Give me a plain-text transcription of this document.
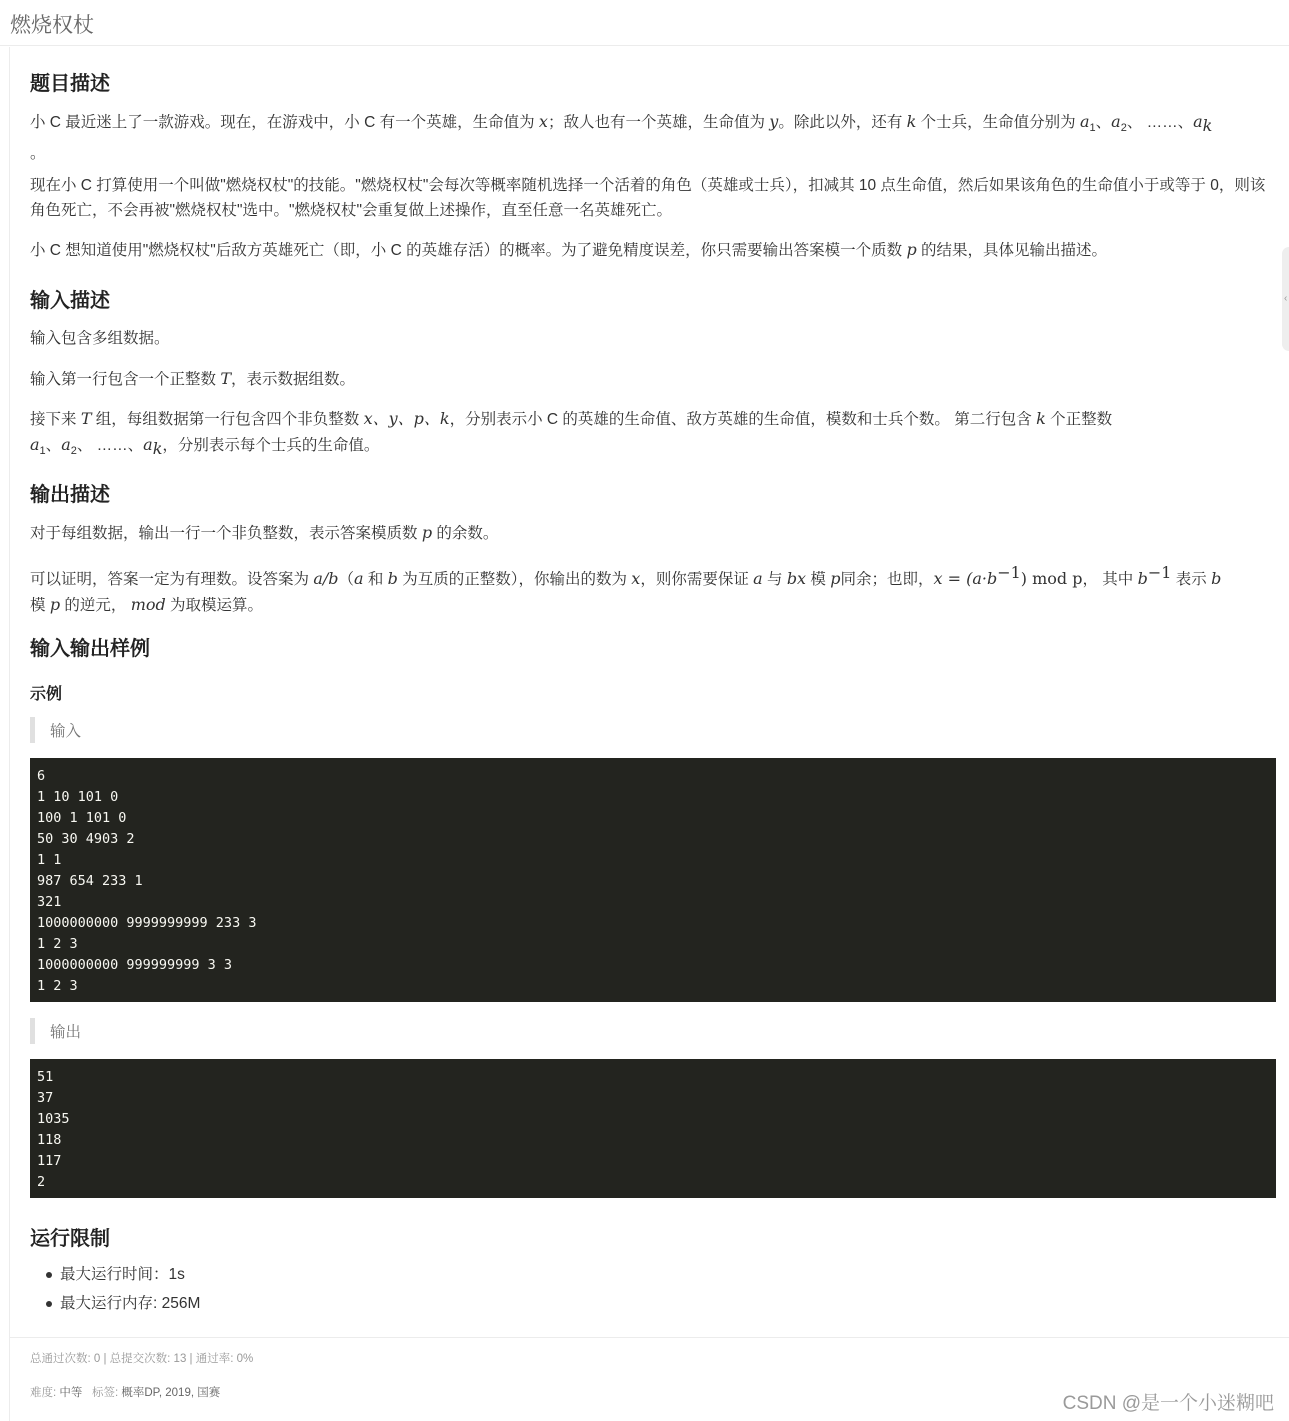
燃烧权杖
‹
题目描述
小 C 最近迷上了一款游戏。现在，在游戏中，小 C 有一个英雄，生命值为 x；敌人也有一个英雄，生命值为 y。除此以外，还有 k 个士兵，生命值分别为 $a_1$、$a_2$、 ……、$a_k$
。
现在小 C 打算使用一个叫做"燃烧权杖"的技能。"燃烧权杖"会每次等概率随机选择一个活着的角色（英雄或士兵），扣减其 10 点生命值，然后如果该角色的生命值小于或等于 0，则该角色死亡，不会再被"燃烧权杖"选中。"燃烧权杖"会重复做上述操作，直至任意一名英雄死亡。
小 C 想知道使用"燃烧权杖"后敌方英雄死亡（即，小 C 的英雄存活）的概率。为了避免精度误差，你只需要输出答案模一个质数 p 的结果，具体见输出描述。
输入描述
输入包含多组数据。
输入第一行包含一个正整数 T，表示数据组数。
接下来 T 组，每组数据第一行包含四个非负整数 x、y、p、k，分别表示小 C 的英雄的生命值、敌方英雄的生命值，模数和士兵个数。 第二行包含 k 个正整数
$a_1$、$a_2$、 ……、$a_k$，分别表示每个士兵的生命值。
输出描述
对于每组数据，输出一行一个非负整数，表示答案模质数 p 的余数。
可以证明，答案一定为有理数。设答案为 a/b（a 和 b 为互质的正整数），你输出的数为 x，则你需要保证 a 与 bx 模 p同余；也即，$x = (a\cdot b^{-1})$ mod p， 其中 $b^{-1}$ 表示 b
模 p 的逆元， mod 为取模运算。
输入输出样例
示例
输入
6
1 10 101 0
100 1 101 0
50 30 4903 2
1 1
987 654 233 1
321
1000000000 9999999999 233 3
1 2 3
1000000000 999999999 3 3
1 2 3
输出
51
37
1035
118
117
2
运行限制
最大运行时间：1s
最大运行内存: 256M
总通过次数: 0 | 总提交次数: 13 | 通过率: 0%
难度: 中等   标签: 概率DP, 2019, 国赛	CSDN @是一个小迷糊吧
